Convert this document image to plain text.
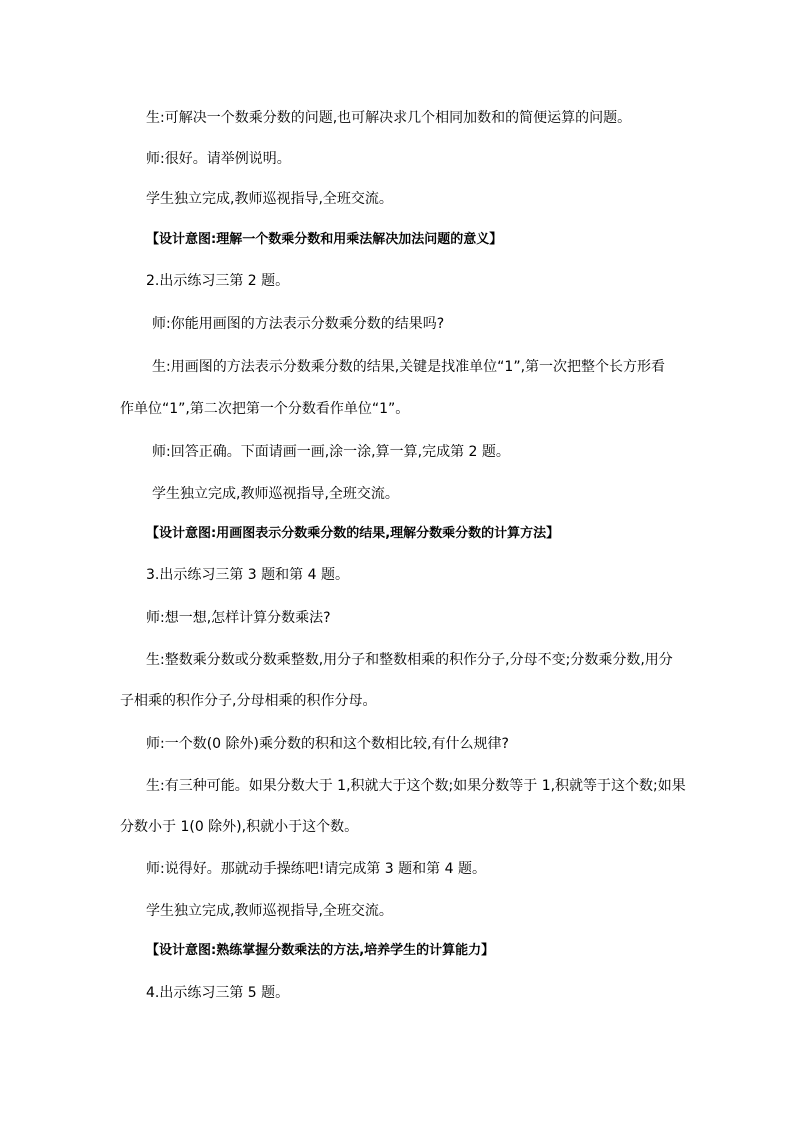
生:可解决一个数乘分数的问题,也可解决求几个相同加数和的简便运算的问题。
师:很好。请举例说明。
学生独立完成,教师巡视指导,全班交流。
【设计意图:理解一个数乘分数和用乘法解决加法问题的意义】
2.出示练习三第 2 题。
师:你能用画图的方法表示分数乘分数的结果吗?
生:用画图的方法表示分数乘分数的结果,关键是找准单位“1”,第一次把整个长方形看
作单位“1”,第二次把第一个分数看作单位“1”。
师:回答正确。下面请画一画,涂一涂,算一算,完成第 2 题。
学生独立完成,教师巡视指导,全班交流。
【设计意图:用画图表示分数乘分数的结果,理解分数乘分数的计算方法】
3.出示练习三第 3 题和第 4 题。
师:想一想,怎样计算分数乘法?
生:整数乘分数或分数乘整数,用分子和整数相乘的积作分子,分母不变;分数乘分数,用分
子相乘的积作分子,分母相乘的积作分母。
师:一个数(0 除外)乘分数的积和这个数相比较,有什么规律?
生:有三种可能。如果分数大于 1,积就大于这个数;如果分数等于 1,积就等于这个数;如果
分数小于 1(0 除外),积就小于这个数。
师:说得好。那就动手操练吧!请完成第 3 题和第 4 题。
学生独立完成,教师巡视指导,全班交流。
【设计意图:熟练掌握分数乘法的方法,培养学生的计算能力】
4.出示练习三第 5 题。
